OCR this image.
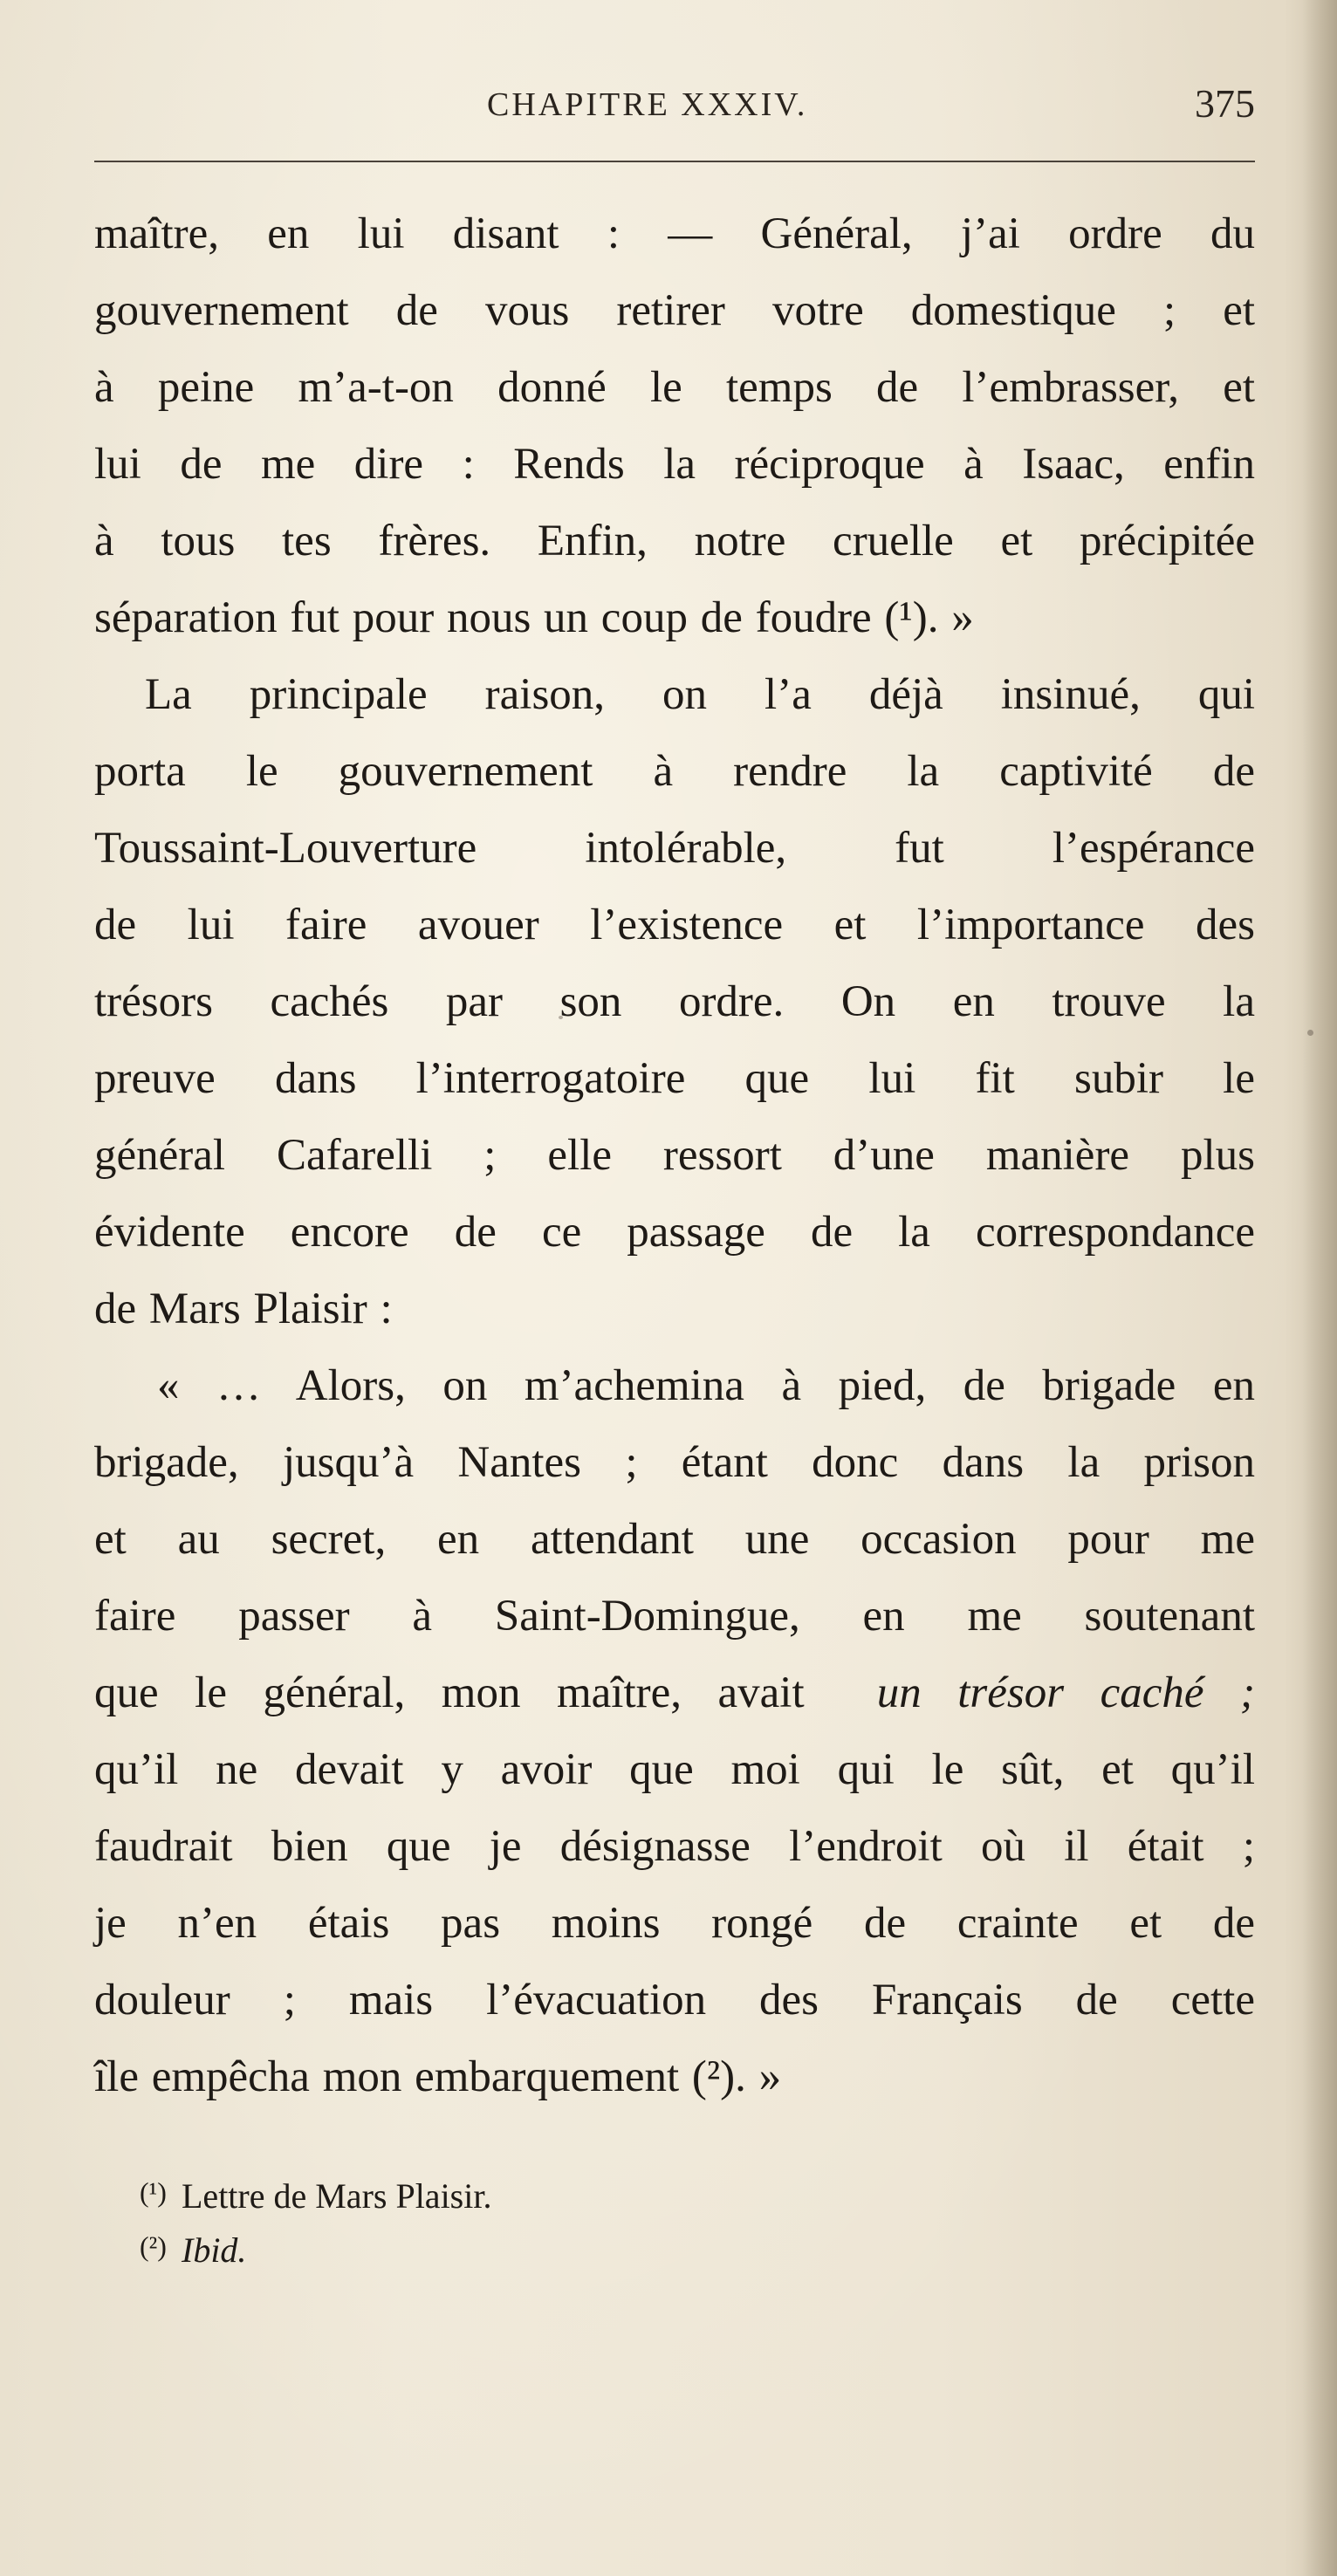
CHAPITRE XXXIV.	375
maître, en lui disant : — Général, j’ai ordre du
gouvernement de vous retirer votre domestique ; et
à peine m’a-t-on donné le temps de l’embrasser, et
lui de me dire : Rends la réciproque à Isaac, enfin
à tous tes frères. Enfin, notre cruelle et précipitée
séparation fut pour nous un coup de foudre (¹). »
La principale raison, on l’a déjà insinué, qui
porta le gouvernement à rendre la captivité de
Toussaint-Louverture intolérable, fut l’espérance
de lui faire avouer l’existence et l’importance des
trésors cachés par son ordre. On en trouve la
preuve dans l’interrogatoire que lui fit subir le
général Cafarelli ; elle ressort d’une manière plus
évidente encore de ce passage de la correspondance
de Mars Plaisir :
« … Alors, on m’achemina à pied, de brigade en
brigade, jusqu’à Nantes ; étant donc dans la prison
et au secret, en attendant une occasion pour me
faire passer à Saint-Domingue, en me soutenant
que le général, mon maître, avait un trésor caché ;
qu’il ne devait y avoir que moi qui le sût, et qu’il
faudrait bien que je désignasse l’endroit où il était ;
je n’en étais pas moins rongé de crainte et de
douleur ; mais l’évacuation des Français de cette
île empêcha mon embarquement (²). »
(¹) Lettre de Mars Plaisir.
(²) Ibid.
